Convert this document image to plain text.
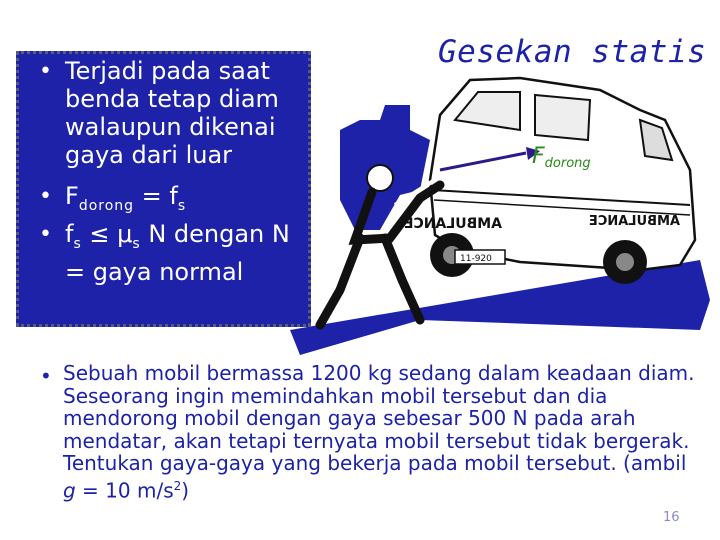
AMBULANCE	AMBULANCE
11-920
Fdorong
• Terjadi pada saat benda tetap diam walaupun dikenai gaya dari luar
• $F_{dorong} = f_s$
• $f_s \le \mu_s$ N dengan N = gaya normal
Gesekan statis
• Sebuah mobil bermassa 1200 kg sedang dalam keadaan diam. Seseorang ingin memindahkan mobil tersebut dan dia mendorong mobil dengan gaya sebesar 500 N pada arah mendatar, akan tetapi ternyata mobil tersebut tidak bergerak. Tentukan gaya-gaya yang bekerja pada mobil tersebut. (ambil g = 10 $m/s^2$)
16
